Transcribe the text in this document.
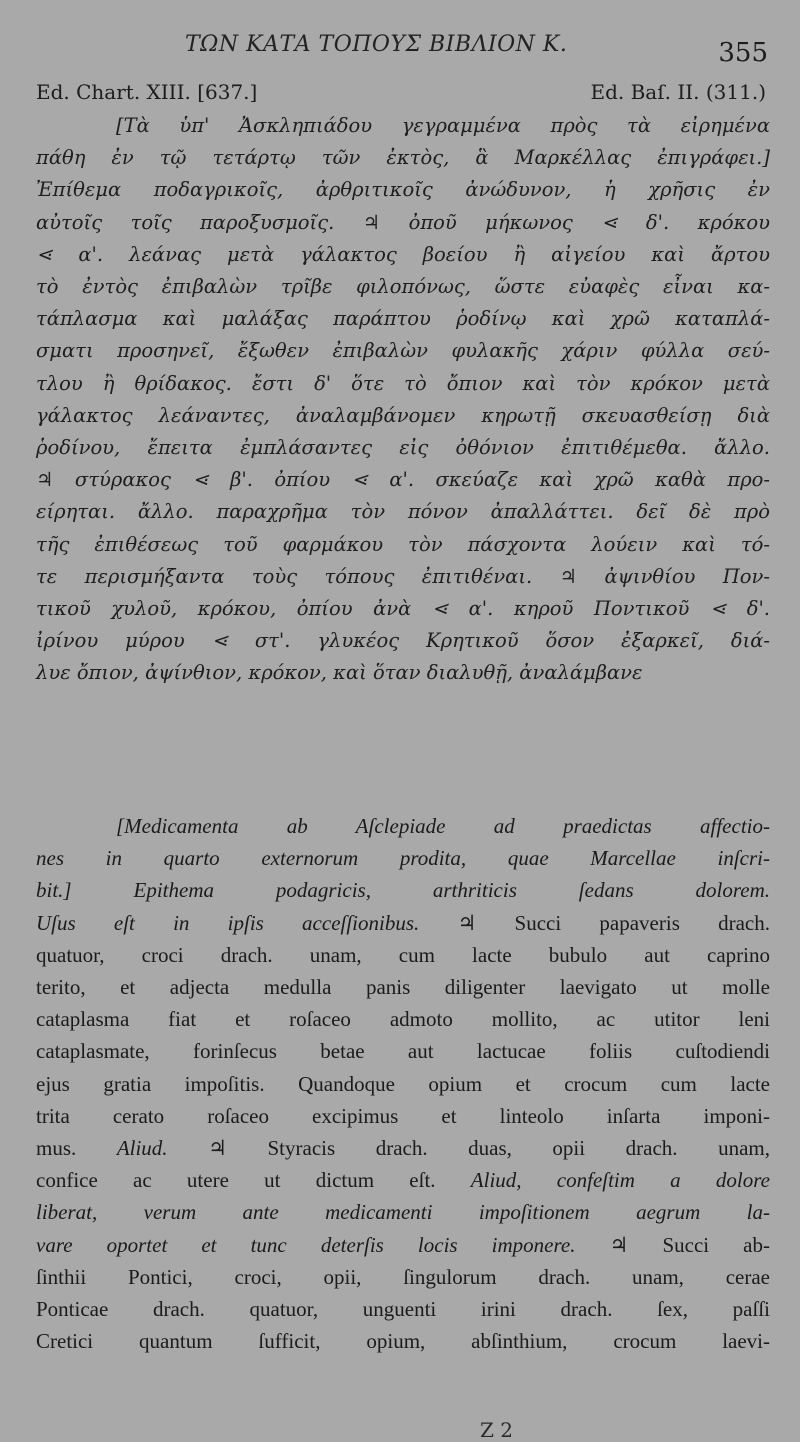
ΤΩΝ ΚΑΤΑ ΤΟΠΟΥΣ ΒΙΒΛΙΟΝ Κ.	355
Ed. Chart. XIII. [637.]	Ed. Baſ. II. (311.)
[Τὰ ὑπ' Ἀσκληπιάδου γεγραμμένα πρὸς τὰ εἰρημένα
πάθη ἐν τῷ τετάρτῳ τῶν ἐκτὸς, ἃ Μαρκέλλας ἐπιγράφει.]
Ἐπίθεμα ποδαγρικοῖς, ἀρθριτικοῖς ἀνώδυνον, ἡ χρῆσις ἐν
αὐτοῖς τοῖς παροξυσμοῖς. ♃ ὀποῦ μήκωνος ⋖ δ'. κρόκου
⋖ α'. λεάνας μετὰ γάλακτος βοείου ἢ αἰγείου καὶ ἄρτου
τὸ ἐντὸς ἐπιβαλὼν τρῖβε φιλοπόνως, ὥστε εὐαφὲς εἶναι κα-
τάπλασμα καὶ μαλάξας παράπτου ῥοδίνῳ καὶ χρῶ καταπλά-
σματι προσηνεῖ, ἔξωθεν ἐπιβαλὼν φυλακῆς χάριν φύλλα σεύ-
τλου ἢ θρίδακος. ἔστι δ' ὅτε τὸ ὄπιον καὶ τὸν κρόκον μετὰ
γάλακτος λεάναντες, ἀναλαμβάνομεν κηρωτῇ σκευασθείσῃ διὰ
ῥοδίνου, ἔπειτα ἐμπλάσαντες εἰς ὀθόνιον ἐπιτιθέμεθα. ἄλλο.
♃ στύρακος ⋖ β'. ὀπίου ⋖ α'. σκεύαζε καὶ χρῶ καθὰ προ-
είρηται. ἄλλο. παραχρῆμα τὸν πόνον ἀπαλλάττει. δεῖ δὲ πρὸ
τῆς ἐπιθέσεως τοῦ φαρμάκου τὸν πάσχοντα λούειν καὶ τό-
τε περισμήξαντα τοὺς τόπους ἐπιτιθέναι. ♃ ἀψινθίου Πον-
τικοῦ χυλοῦ, κρόκου, ὀπίου ἀνὰ ⋖ α'. κηροῦ Ποντικοῦ ⋖ δ'.
ἰρίνου μύρου ⋖ στ'. γλυκέος Κρητικοῦ ὅσον ἐξαρκεῖ, διά-
λυε ὄπιον, ἀψίνθιον, κρόκον, καὶ ὅταν διαλυθῇ, ἀναλάμβανε
[Medicamenta ab Aſclepiade ad praedictas affectio-
nes in quarto externorum prodita, quae Marcellae inſcri-
bit.] Epithema podagricis, arthriticis ſedans dolorem.
Uſus eſt in ipſis acceſſionibus. ♃ Succi papaveris drach.
quatuor, croci drach. unam, cum lacte bubulo aut caprino
terito, et adjecta medulla panis diligenter laevigato ut molle
cataplasma fiat et roſaceo admoto mollito, ac utitor leni
cataplasmate, forinſecus betae aut lactucae foliis cuſtodiendi
ejus gratia impoſitis. Quandoque opium et crocum cum lacte
trita cerato roſaceo excipimus et linteolo inſarta imponi-
mus. Aliud. ♃ Styracis drach. duas, opii drach. unam,
confice ac utere ut dictum eſt. Aliud, confeſtim a dolore
liberat, verum ante medicamenti impoſitionem aegrum la-
vare oportet et tunc deterſis locis imponere. ♃ Succi ab-
ſinthii Pontici, croci, opii, ſingulorum drach. unam, cerae
Ponticae drach. quatuor, unguenti irini drach. ſex, paſſi
Cretici quantum ſufficit, opium, abſinthium, crocum laevi-
Z 2
